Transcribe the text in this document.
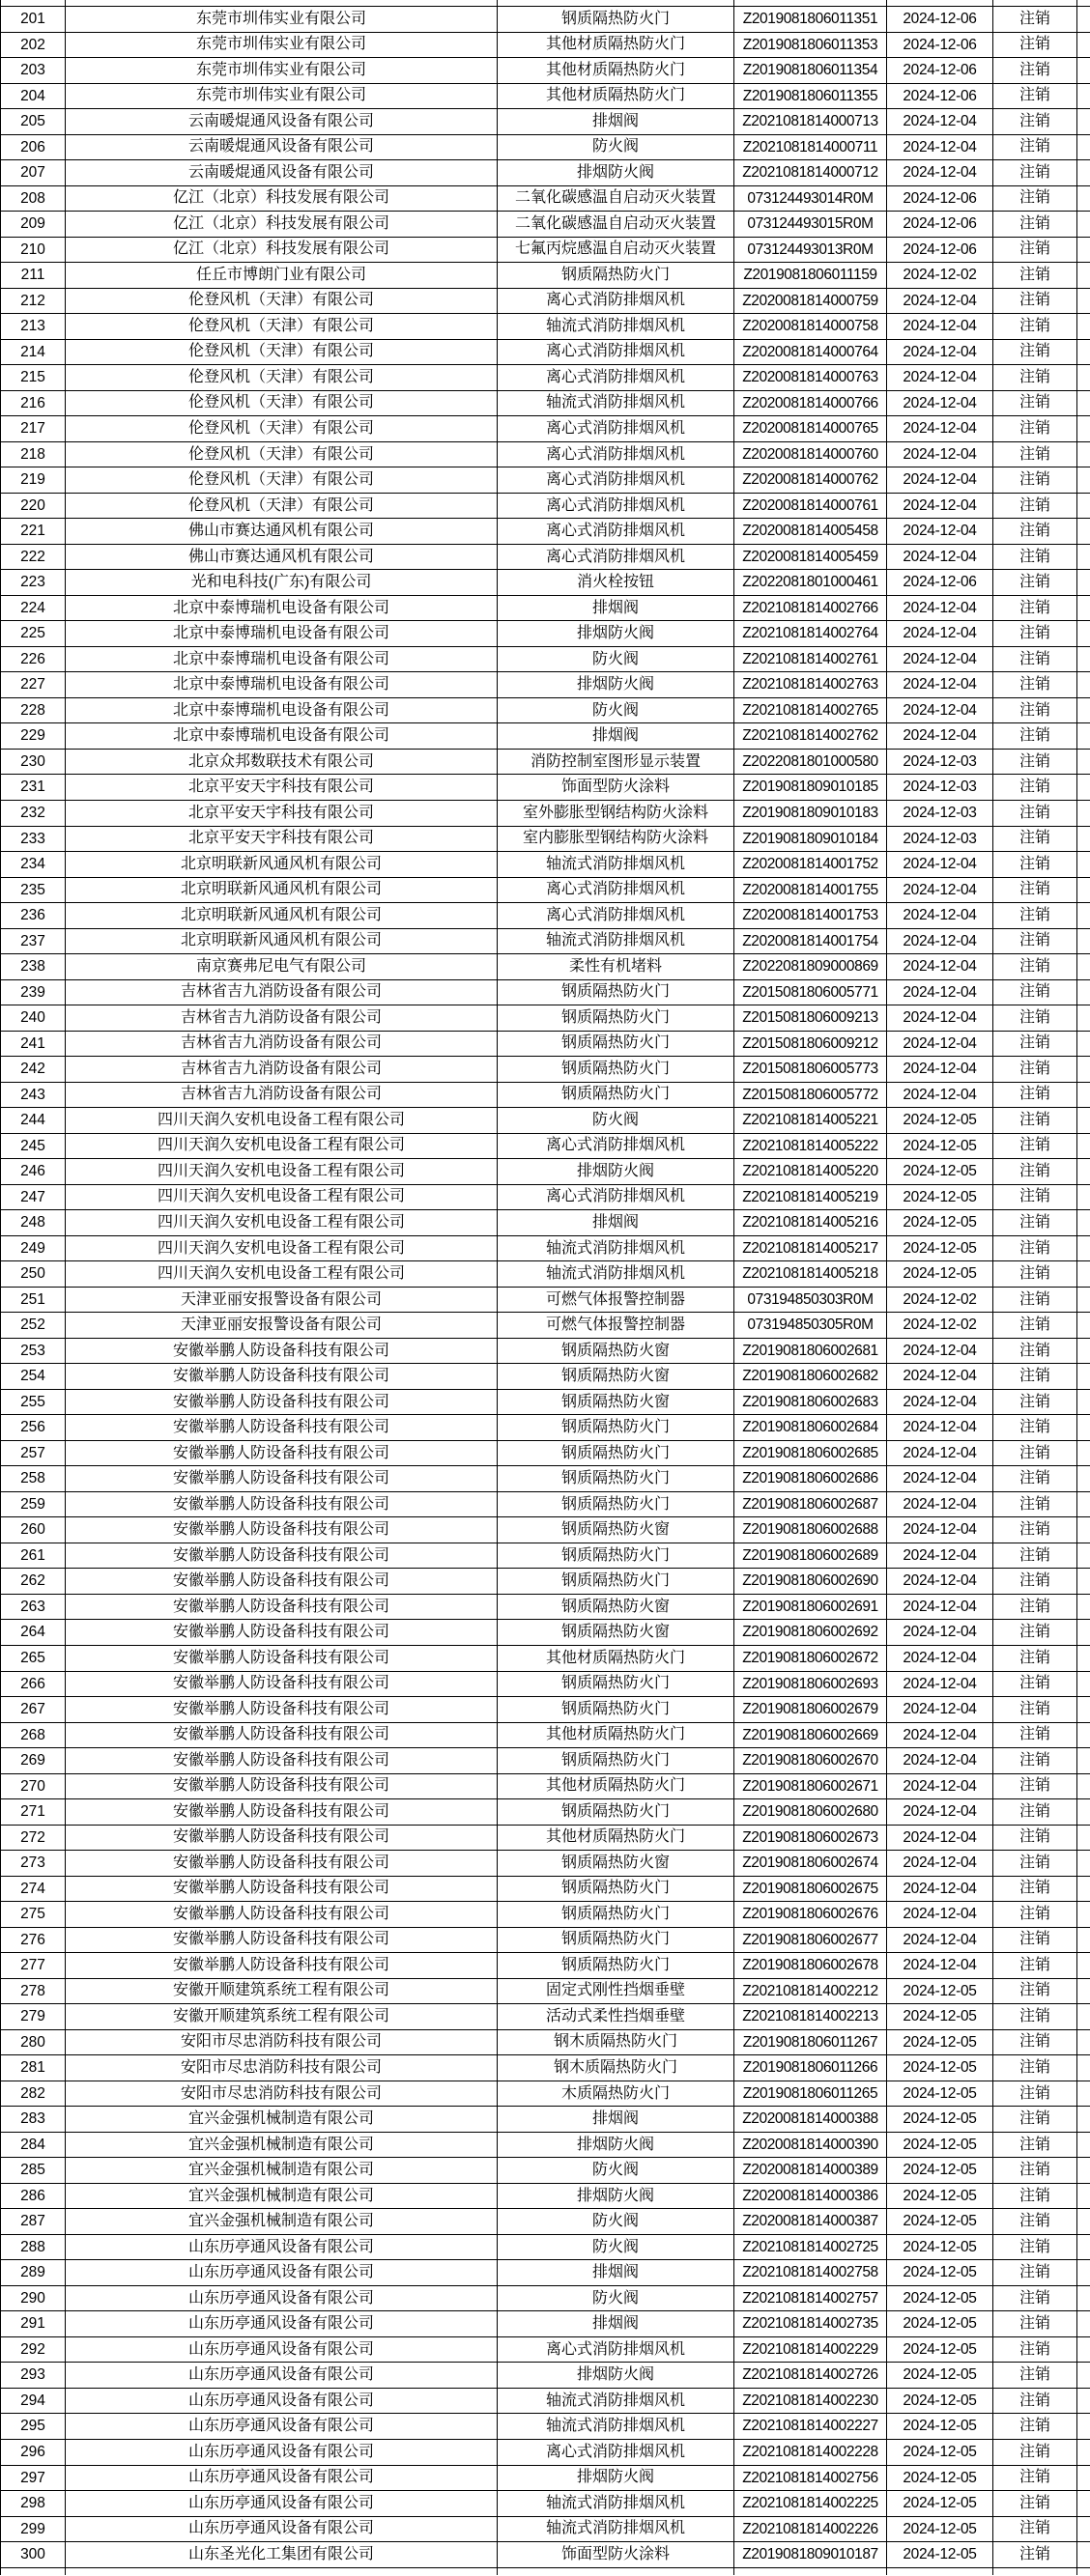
201	东莞市圳伟实业有限公司	钢质隔热防火门	Z2019081806011351	2024-12-06	注销
202	东莞市圳伟实业有限公司	其他材质隔热防火门	Z2019081806011353	2024-12-06	注销
203	东莞市圳伟实业有限公司	其他材质隔热防火门	Z2019081806011354	2024-12-06	注销
204	东莞市圳伟实业有限公司	其他材质隔热防火门	Z2019081806011355	2024-12-06	注销
205	云南暖焜通风设备有限公司	排烟阀	Z2021081814000713	2024-12-04	注销
206	云南暖焜通风设备有限公司	防火阀	Z2021081814000711	2024-12-04	注销
207	云南暖焜通风设备有限公司	排烟防火阀	Z2021081814000712	2024-12-04	注销
208	亿江（北京）科技发展有限公司	二氧化碳感温自启动灭火装置	073124493014R0M	2024-12-06	注销
209	亿江（北京）科技发展有限公司	二氧化碳感温自启动灭火装置	073124493015R0M	2024-12-06	注销
210	亿江（北京）科技发展有限公司	七氟丙烷感温自启动灭火装置	073124493013R0M	2024-12-06	注销
211	任丘市博朗门业有限公司	钢质隔热防火门	Z2019081806011159	2024-12-02	注销
212	伦登风机（天津）有限公司	离心式消防排烟风机	Z2020081814000759	2024-12-04	注销
213	伦登风机（天津）有限公司	轴流式消防排烟风机	Z2020081814000758	2024-12-04	注销
214	伦登风机（天津）有限公司	离心式消防排烟风机	Z2020081814000764	2024-12-04	注销
215	伦登风机（天津）有限公司	离心式消防排烟风机	Z2020081814000763	2024-12-04	注销
216	伦登风机（天津）有限公司	轴流式消防排烟风机	Z2020081814000766	2024-12-04	注销
217	伦登风机（天津）有限公司	离心式消防排烟风机	Z2020081814000765	2024-12-04	注销
218	伦登风机（天津）有限公司	离心式消防排烟风机	Z2020081814000760	2024-12-04	注销
219	伦登风机（天津）有限公司	离心式消防排烟风机	Z2020081814000762	2024-12-04	注销
220	伦登风机（天津）有限公司	离心式消防排烟风机	Z2020081814000761	2024-12-04	注销
221	佛山市赛达通风机有限公司	离心式消防排烟风机	Z2020081814005458	2024-12-04	注销
222	佛山市赛达通风机有限公司	离心式消防排烟风机	Z2020081814005459	2024-12-04	注销
223	光和电科技(广东)有限公司	消火栓按钮	Z2022081801000461	2024-12-06	注销
224	北京中泰博瑞机电设备有限公司	排烟阀	Z2021081814002766	2024-12-04	注销
225	北京中泰博瑞机电设备有限公司	排烟防火阀	Z2021081814002764	2024-12-04	注销
226	北京中泰博瑞机电设备有限公司	防火阀	Z2021081814002761	2024-12-04	注销
227	北京中泰博瑞机电设备有限公司	排烟防火阀	Z2021081814002763	2024-12-04	注销
228	北京中泰博瑞机电设备有限公司	防火阀	Z2021081814002765	2024-12-04	注销
229	北京中泰博瑞机电设备有限公司	排烟阀	Z2021081814002762	2024-12-04	注销
230	北京众邦数联技术有限公司	消防控制室图形显示装置	Z2022081801000580	2024-12-03	注销
231	北京平安天宇科技有限公司	饰面型防火涂料	Z2019081809010185	2024-12-03	注销
232	北京平安天宇科技有限公司	室外膨胀型钢结构防火涂料	Z2019081809010183	2024-12-03	注销
233	北京平安天宇科技有限公司	室内膨胀型钢结构防火涂料	Z2019081809010184	2024-12-03	注销
234	北京明联新风通风机有限公司	轴流式消防排烟风机	Z2020081814001752	2024-12-04	注销
235	北京明联新风通风机有限公司	离心式消防排烟风机	Z2020081814001755	2024-12-04	注销
236	北京明联新风通风机有限公司	离心式消防排烟风机	Z2020081814001753	2024-12-04	注销
237	北京明联新风通风机有限公司	轴流式消防排烟风机	Z2020081814001754	2024-12-04	注销
238	南京赛弗尼电气有限公司	柔性有机堵料	Z2022081809000869	2024-12-04	注销
239	吉林省吉九消防设备有限公司	钢质隔热防火门	Z2015081806005771	2024-12-04	注销
240	吉林省吉九消防设备有限公司	钢质隔热防火门	Z2015081806009213	2024-12-04	注销
241	吉林省吉九消防设备有限公司	钢质隔热防火门	Z2015081806009212	2024-12-04	注销
242	吉林省吉九消防设备有限公司	钢质隔热防火门	Z2015081806005773	2024-12-04	注销
243	吉林省吉九消防设备有限公司	钢质隔热防火门	Z2015081806005772	2024-12-04	注销
244	四川天润久安机电设备工程有限公司	防火阀	Z2021081814005221	2024-12-05	注销
245	四川天润久安机电设备工程有限公司	离心式消防排烟风机	Z2021081814005222	2024-12-05	注销
246	四川天润久安机电设备工程有限公司	排烟防火阀	Z2021081814005220	2024-12-05	注销
247	四川天润久安机电设备工程有限公司	离心式消防排烟风机	Z2021081814005219	2024-12-05	注销
248	四川天润久安机电设备工程有限公司	排烟阀	Z2021081814005216	2024-12-05	注销
249	四川天润久安机电设备工程有限公司	轴流式消防排烟风机	Z2021081814005217	2024-12-05	注销
250	四川天润久安机电设备工程有限公司	轴流式消防排烟风机	Z2021081814005218	2024-12-05	注销
251	天津亚丽安报警设备有限公司	可燃气体报警控制器	073194850303R0M	2024-12-02	注销
252	天津亚丽安报警设备有限公司	可燃气体报警控制器	073194850305R0M	2024-12-02	注销
253	安徽举鹏人防设备科技有限公司	钢质隔热防火窗	Z2019081806002681	2024-12-04	注销
254	安徽举鹏人防设备科技有限公司	钢质隔热防火窗	Z2019081806002682	2024-12-04	注销
255	安徽举鹏人防设备科技有限公司	钢质隔热防火窗	Z2019081806002683	2024-12-04	注销
256	安徽举鹏人防设备科技有限公司	钢质隔热防火门	Z2019081806002684	2024-12-04	注销
257	安徽举鹏人防设备科技有限公司	钢质隔热防火门	Z2019081806002685	2024-12-04	注销
258	安徽举鹏人防设备科技有限公司	钢质隔热防火门	Z2019081806002686	2024-12-04	注销
259	安徽举鹏人防设备科技有限公司	钢质隔热防火门	Z2019081806002687	2024-12-04	注销
260	安徽举鹏人防设备科技有限公司	钢质隔热防火窗	Z2019081806002688	2024-12-04	注销
261	安徽举鹏人防设备科技有限公司	钢质隔热防火门	Z2019081806002689	2024-12-04	注销
262	安徽举鹏人防设备科技有限公司	钢质隔热防火门	Z2019081806002690	2024-12-04	注销
263	安徽举鹏人防设备科技有限公司	钢质隔热防火窗	Z2019081806002691	2024-12-04	注销
264	安徽举鹏人防设备科技有限公司	钢质隔热防火窗	Z2019081806002692	2024-12-04	注销
265	安徽举鹏人防设备科技有限公司	其他材质隔热防火门	Z2019081806002672	2024-12-04	注销
266	安徽举鹏人防设备科技有限公司	钢质隔热防火门	Z2019081806002693	2024-12-04	注销
267	安徽举鹏人防设备科技有限公司	钢质隔热防火门	Z2019081806002679	2024-12-04	注销
268	安徽举鹏人防设备科技有限公司	其他材质隔热防火门	Z2019081806002669	2024-12-04	注销
269	安徽举鹏人防设备科技有限公司	钢质隔热防火门	Z2019081806002670	2024-12-04	注销
270	安徽举鹏人防设备科技有限公司	其他材质隔热防火门	Z2019081806002671	2024-12-04	注销
271	安徽举鹏人防设备科技有限公司	钢质隔热防火门	Z2019081806002680	2024-12-04	注销
272	安徽举鹏人防设备科技有限公司	其他材质隔热防火门	Z2019081806002673	2024-12-04	注销
273	安徽举鹏人防设备科技有限公司	钢质隔热防火窗	Z2019081806002674	2024-12-04	注销
274	安徽举鹏人防设备科技有限公司	钢质隔热防火门	Z2019081806002675	2024-12-04	注销
275	安徽举鹏人防设备科技有限公司	钢质隔热防火门	Z2019081806002676	2024-12-04	注销
276	安徽举鹏人防设备科技有限公司	钢质隔热防火门	Z2019081806002677	2024-12-04	注销
277	安徽举鹏人防设备科技有限公司	钢质隔热防火门	Z2019081806002678	2024-12-04	注销
278	安徽开顺建筑系统工程有限公司	固定式刚性挡烟垂壁	Z2021081814002212	2024-12-05	注销
279	安徽开顺建筑系统工程有限公司	活动式柔性挡烟垂壁	Z2021081814002213	2024-12-05	注销
280	安阳市尽忠消防科技有限公司	钢木质隔热防火门	Z2019081806011267	2024-12-05	注销
281	安阳市尽忠消防科技有限公司	钢木质隔热防火门	Z2019081806011266	2024-12-05	注销
282	安阳市尽忠消防科技有限公司	木质隔热防火门	Z2019081806011265	2024-12-05	注销
283	宜兴金强机械制造有限公司	排烟阀	Z2020081814000388	2024-12-05	注销
284	宜兴金强机械制造有限公司	排烟防火阀	Z2020081814000390	2024-12-05	注销
285	宜兴金强机械制造有限公司	防火阀	Z2020081814000389	2024-12-05	注销
286	宜兴金强机械制造有限公司	排烟防火阀	Z2020081814000386	2024-12-05	注销
287	宜兴金强机械制造有限公司	防火阀	Z2020081814000387	2024-12-05	注销
288	山东历亭通风设备有限公司	防火阀	Z2021081814002725	2024-12-05	注销
289	山东历亭通风设备有限公司	排烟阀	Z2021081814002758	2024-12-05	注销
290	山东历亭通风设备有限公司	防火阀	Z2021081814002757	2024-12-05	注销
291	山东历亭通风设备有限公司	排烟阀	Z2021081814002735	2024-12-05	注销
292	山东历亭通风设备有限公司	离心式消防排烟风机	Z2021081814002229	2024-12-05	注销
293	山东历亭通风设备有限公司	排烟防火阀	Z2021081814002726	2024-12-05	注销
294	山东历亭通风设备有限公司	轴流式消防排烟风机	Z2021081814002230	2024-12-05	注销
295	山东历亭通风设备有限公司	轴流式消防排烟风机	Z2021081814002227	2024-12-05	注销
296	山东历亭通风设备有限公司	离心式消防排烟风机	Z2021081814002228	2024-12-05	注销
297	山东历亭通风设备有限公司	排烟防火阀	Z2021081814002756	2024-12-05	注销
298	山东历亭通风设备有限公司	轴流式消防排烟风机	Z2021081814002225	2024-12-05	注销
299	山东历亭通风设备有限公司	轴流式消防排烟风机	Z2021081814002226	2024-12-05	注销
300	山东圣光化工集团有限公司	饰面型防火涂料	Z2019081809010187	2024-12-05	注销
